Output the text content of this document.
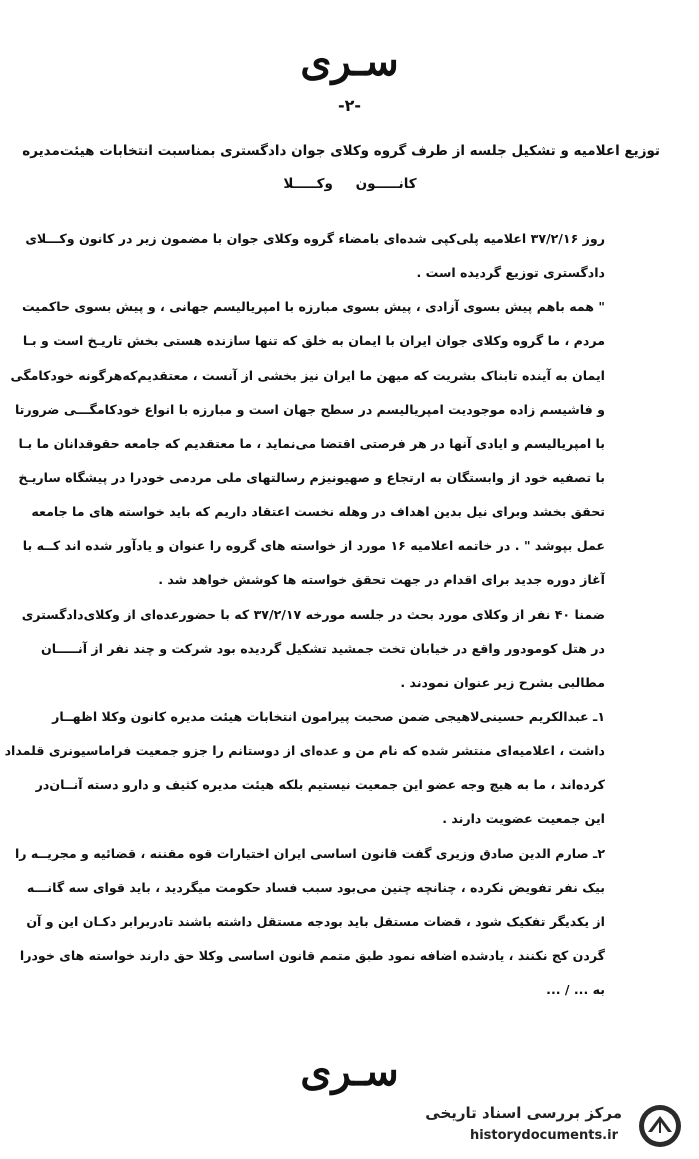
سـرى
-۲-
توزیع اعلامیه و تشکیل جلسه از طرف گروه وکلای جوان دادگستری بمناسبت انتخابات هیئت‌مدیره
کانـــــون وکـــــلا
روز ۳۷/۲/۱۶ اعلامیه پلی‌کپی شده‌ای بامضاء گروه وکلای جوان با مضمون زیر در کانون وکـــلای
دادگستری توزیع گردیده است .
" همه باهم پیش بسوی آزادی ، پیش بسوی مبارزه با امپریالیسم جهانی ، و پیش بسوی حاکمیت
مردم ، ما گروه وکلای جوان ایران با ایمان به خلق که تنها سازنده هستی بخش تاریـخ است و بـا
ایمان به آینده تابناک بشریت که میهن ما ایران نیز بخشی از آنست ، معتقدیم‌که‌هرگونه خودکامگی
و فاشیسم زاده موجودیت امپریالیسم در سطح جهان است و مبارزه با انواع خودکامگـــی ضرورتا
با امپریالیسم و ایادی آنها در هر فرصتی اقتضا می‌نماید ، ما معتقدیم که جامعه حقوقدانان ما بـا
با تصفیه خود از وابستگان به ارتجاع و صهیونیزم رسالتهای ملی مردمی خودرا در پیشگاه ساریـخ
تحقق بخشد وبرای نیل بدین اهداف در وهله نخست اعتقاد داریم که باید خواسته های ما جامعه
عمل بپوشد " . در خاتمه اعلامیه ۱۶ مورد از خواسته های گروه را عنوان و یادآور شده اند کــه با
آغاز دوره جدید برای اقدام در جهت تحقق خواسته ها کوشش خواهد شد .
ضمنا ۴۰ نفر از وکلای مورد بحث در جلسه مورخه ۳۷/۲/۱۷ که با حضورعده‌ای از وکلای‌دادگستری
در هتل کومودور واقع در خیابان تخت جمشید تشکیل گردیده بود شرکت و چند نفر از آنـــــان
مطالبی بشرح زیر عنوان نمودند .
۱ـ عبدالکریم حسینی‌لاهیجی ضمن صحبت پیرامون انتخابات هیئت مدیره کانون وکلا اظهــار
داشت ، اعلامیه‌ای منتشر شده که نام من و عده‌ای از دوستانم را جزو جمعیت فراماسیونری قلمداد
کرده‌اند ، ما به هیچ وجه عضو این جمعیت نیستیم بلکه هیئت مدیره کثیف و دارو دسته آنــان‌در
این جمعیت عضویت دارند .
۲ـ صارم الدین صادق وزیری گفت قانون اساسی ایران اختیارات قوه مقننه ، قضائیه و مجریــه را
بیک نفر تفویض نکرده ، چنانچه چنین می‌بود سبب فساد حکومت میگردید ، باید قوای سه گانـــه
از یکدیگر تفکیک شود ، قضات مستقل باید بودجه مستقل داشته باشند تادربرابر دکـان این و آن
گردن کج نکنند ، یادشده اضافه نمود طبق متمم قانون اساسی وکلا حق دارند خواسته های خودرا
به‌ ... / ...
سـرى
مرکز بررسی اسناد تاریخی
historydocuments.ir
